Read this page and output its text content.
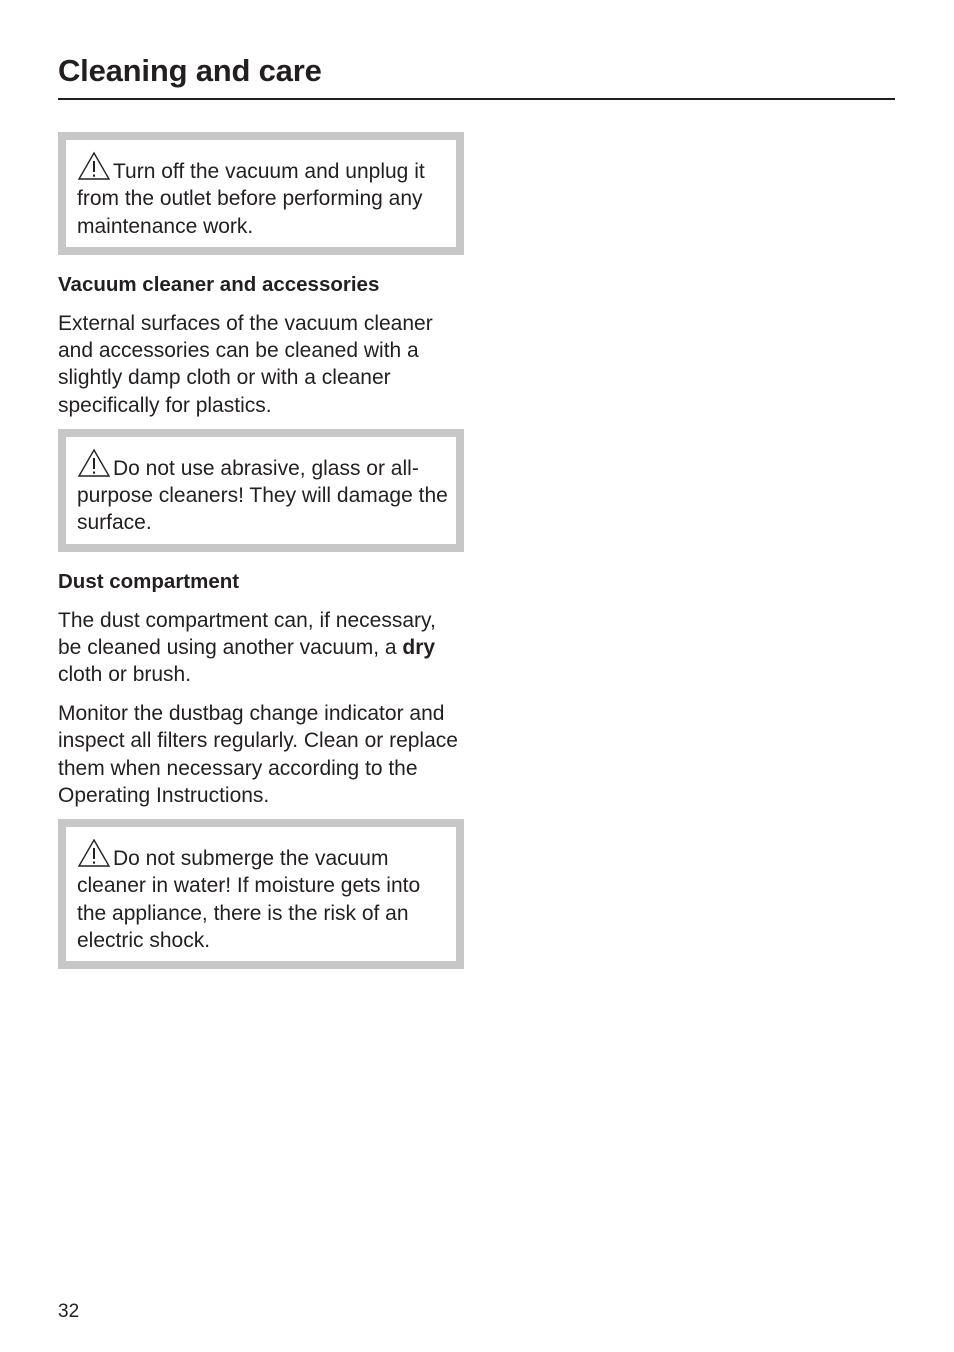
Cleaning and care
Turn off the vacuum and unplug it from the outlet before performing any maintenance work.
Vacuum cleaner and accessories

External surfaces of the vacuum cleaner and accessories can be cleaned with a slightly damp cloth or with a cleaner specifically for plastics.

Do not use abrasive, glass or all-purpose cleaners! They will damage the surface.
Dust compartment

The dust compartment can, if necessary, be cleaned using another vacuum, a dry cloth or brush.

Monitor the dustbag change indicator and inspect all filters regularly. Clean or replace them when necessary according to the Operating Instructions.

Do not submerge the vacuum cleaner in water! If moisture gets into the appliance, there is the risk of an electric shock.
32
